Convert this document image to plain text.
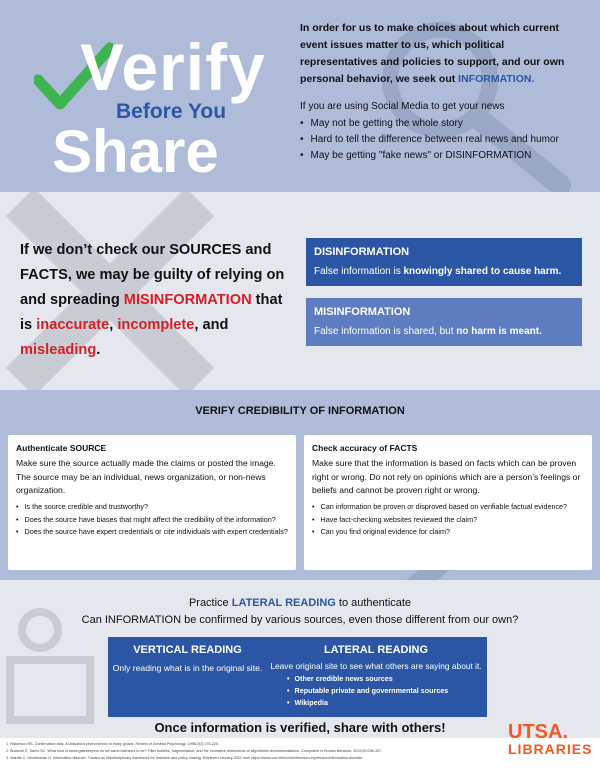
Verify
Before You
Share
In order for us to make choices about which current event issues matter to us, which political representatives and policies to support, and our own personal behavior, we seek out INFORMATION.
If you are using Social Media to get your news
• May not be getting the whole story
• Hard to tell the difference between real news and humor
• May be getting "fake news" or DISINFORMATION
If we don’t check our SOURCES and FACTS, we may be guilty of relying on and spreading MISINFORMATION that is inaccurate, incomplete, and misleading.
DISINFORMATION
False information is knowingly shared to cause harm.
MISINFORMATION
False information is shared, but no harm is meant.
VERIFY CREDIBILITY OF INFORMATION
Authenticate SOURCE
Make sure the source actually made the claims or posted the image. The source may be an individual, news organization, or non-news organization.
• Is the source credible and trustworthy?
• Does the source have biases that might affect the credibility of the information?
• Does the source have expert credentials or cite individuals with expert credentials?
Check accuracy of FACTS
Make sure that the information is based on facts which can be proven right or wrong. Do not rely on opinions which are a person’s feelings or beliefs and cannot be proven right or wrong.
• Can information be proven or disproved based on verifiable factual evidence?
• Have fact-checking websites reviewed the claim?
• Can you find original evidence for claim?
Practice LATERAL READING to authenticate
Can INFORMATION be confirmed by various sources, even those different from our own?
VERTICAL READING
Only reading what is in the original site.
LATERAL READING
Leave original site to see what others are saying about it.
• Other credible news sources
• Reputable private and governmental sources
• Wikipedia
Once information is verified, share with others!
1. Nickerson RS. Confirmation bias: A ubiquitous phenomenon in many guises. Review of General Psychology. 1998;2(2):175-220.
2. Bucknell E, Sarris SC. What kind of news gatekeepers do we want machines to be? Filter bubbles, fragmentation, and the normative dimensions of algorithmic recommendations. Computers in Human Behavior. 2019;90:298-307.
3. Wardle C, Derakhshan H. Information disorder: Toward an interdisciplinary framework for research and policy making. Retrieved January 2021 from https://www.coe.int/en/web/freedom-expression/information-disorder
UTSA.
LIBRARIES
